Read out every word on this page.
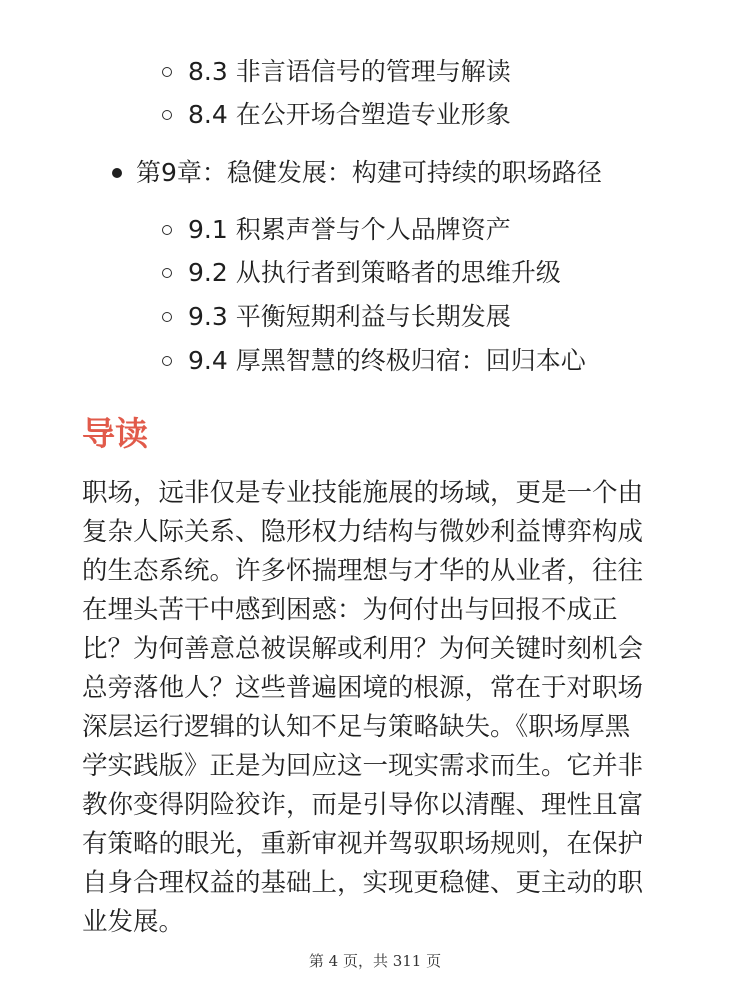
8.3 非言语信号的管理与解读
8.4 在公开场合塑造专业形象
第9章：稳健发展：构建可持续的职场路径
9.1 积累声誉与个人品牌资产
9.2 从执行者到策略者的思维升级
9.3 平衡短期利益与长期发展
9.4 厚黑智慧的终极归宿：回归本心
导读
职场，远非仅是专业技能施展的场域，更是一个由
复杂人际关系、隐形权力结构与微妙利益博弈构成
的生态系统。许多怀揣理想与才华的从业者，往往
在埋头苦干中感到困惑：为何付出与回报不成正
比？为何善意总被误解或利用？为何关键时刻机会
总旁落他人？这些普遍困境的根源，常在于对职场
深层运行逻辑的认知不足与策略缺失。《职场厚黑
学实践版》正是为回应这一现实需求而生。它并非
教你变得阴险狡诈，而是引导你以清醒、理性且富
有策略的眼光，重新审视并驾驭职场规则，在保护
自身合理权益的基础上，实现更稳健、更主动的职
业发展。
第 4 页，共 311 页
